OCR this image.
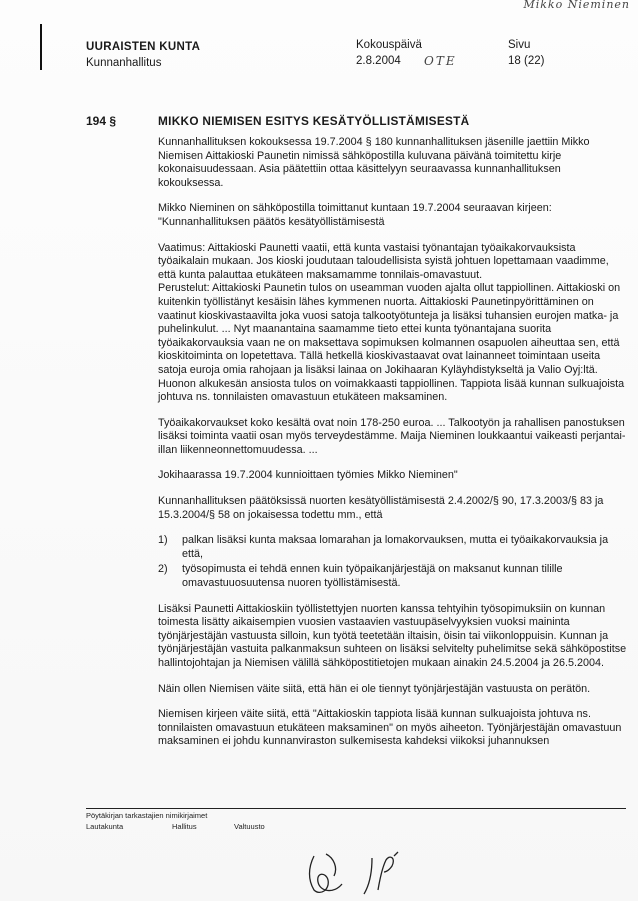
Mikko Nieminen
OTE
UURAISTEN KUNTA
Kunnanhallitus
Kokouspäivä
2.8.2004
Sivu
18 (22)
194 §	MIKKO NIEMISEN ESITYS KESÄTYÖLLISTÄMISESTÄ

Kunnanhallituksen kokouksessa 19.7.2004 § 180 kunnanhallituksen jäsenille jaettiin Mikko Niemisen Aittakioski Paunetin nimissä sähköpostilla kuluvana päivänä toimitettu kirje kokonaisuudessaan. Asia päätettiin ottaa käsittelyyn seuraavassa kunnanhallituksen kokouksessa.

Mikko Nieminen on sähköpostilla toimittanut kuntaan 19.7.2004 seuraavan kirjeen: "Kunnanhallituksen päätös kesätyöllistämisestä

Vaatimus: Aittakioski Paunetti vaatii, että kunta vastaisi työnantajan työaikakorvauksista työaikalain mukaan. Jos kioski joudutaan taloudellisista syistä johtuen lopettamaan vaadimme, että kunta palauttaa etukäteen maksamamme tonnilais-omavastuut.

Perustelut: Aittakioski Paunetin tulos on useamman vuoden ajalta ollut tappiollinen. Aittakioski on kuitenkin työllistänyt kesäisin lähes kymmenen nuorta. Aittakioski Paunetinpyörittäminen on vaatinut kioskivastaavilta joka vuosi satoja talkootyötunteja ja lisäksi tuhansien eurojen matka- ja puhelinkulut. ... Nyt maanantaina saamamme tieto ettei kunta työnantajana suorita työaikakorvauksia vaan ne on maksettava sopimuksen kolmannen osapuolen aiheuttaa sen, että kioskitoiminta on lopetettava. Tällä hetkellä kioskivastaavat ovat lainanneet toimintaan useita satoja euroja omia rahojaan ja lisäksi lainaa on Jokihaaran Kyläyhdistykseltä ja Valio Oyj:ltä. Huonon alkukesän ansiosta tulos on voimakkaasti tappiollinen. Tappiota lisää kunnan sulkuajoista johtuva ns. tonnilaisten omavastuun etukäteen maksaminen.

Työaikakorvaukset koko kesältä ovat noin 178-250 euroa. ... Talkootyön ja rahallisen panostuksen lisäksi toiminta vaatii osan myös terveydestämme. Maija Nieminen loukkaantui vaikeasti perjantai-illan liikenneonnettomuudessa. ...

Jokihaarassa 19.7.2004 kunnioittaen työmies Mikko Nieminen"

Kunnanhallituksen päätöksissä nuorten kesätyöllistämisestä 2.4.2002/§ 90, 17.3.2003/§ 83 ja 15.3.2004/§ 58 on jokaisessa todettu mm., että

1)	palkan lisäksi kunta maksaa lomarahan ja lomakorvauksen, mutta ei työaikakorvauksia ja että,
2)	työsopimusta ei tehdä ennen kuin työpaikanjärjestäjä on maksanut kunnan tilille omavastuuosuutensa nuoren työllistämisestä.

Lisäksi Paunetti Aittakioskiin työllistettyjen nuorten kanssa tehtyihin työsopimuksiin on kunnan toimesta lisätty aikaisempien vuosien vastaavien vastuupäselvyyksien vuoksi maininta työnjärjestäjän vastuusta silloin, kun työtä teetetään iltaisin, öisin tai viikonloppuisin. Kunnan ja työnjärjestäjän vastuita palkanmaksun suhteen on lisäksi selvitelty puhelimitse sekä sähköpostitse hallintojohtajan ja Niemisen välillä sähköpostitietojen mukaan ainakin 24.5.2004 ja 26.5.2004.

Näin ollen Niemisen väite siitä, että hän ei ole tiennyt työnjärjestäjän vastuusta on perätön.

Niemisen kirjeen väite siitä, että "Aittakioskin tappiota lisää kunnan sulkuajoista johtuva ns. tonnilaisten omavastuun etukäteen maksaminen" on myös aiheeton. Työnjärjestäjän omavastuun maksaminen ei johdu kunnanviraston sulkemisesta kahdeksi viikoksi juhannuksen

Pöytäkirjan tarkastajien nimikirjaimet
Lautakunta	Hallitus	Valtuusto
